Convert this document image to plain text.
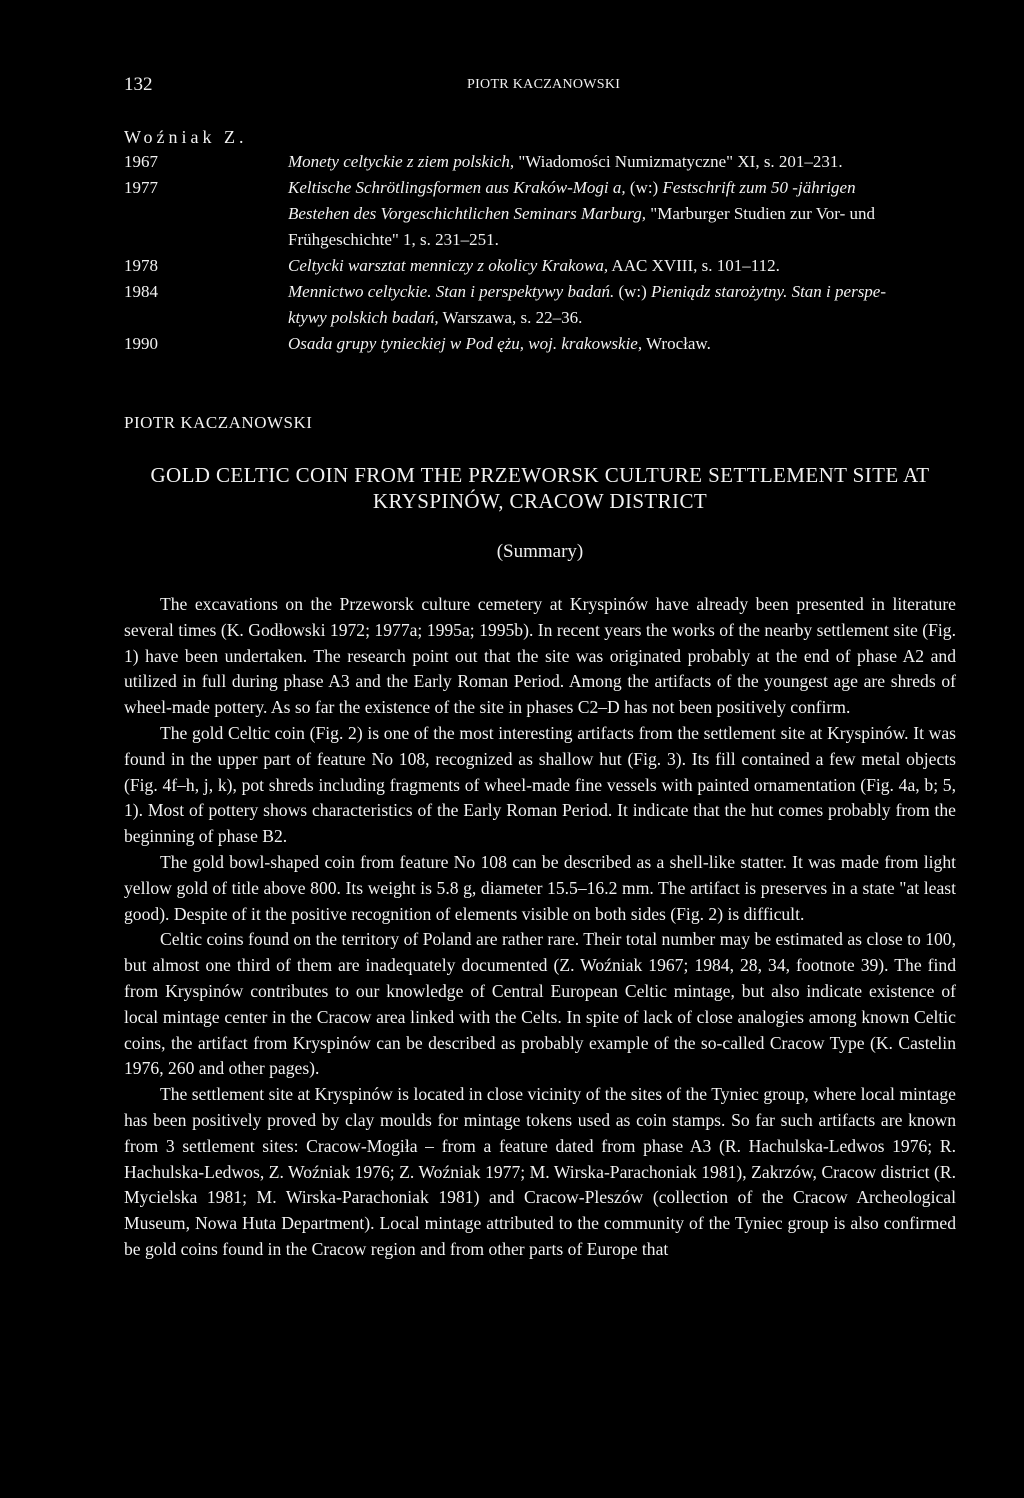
132	PIOTR KACZANOWSKI
Woźniak Z.
1967	Monety celtyckie z ziem polskich, "Wiadomości Numizmatyczne" XI, s. 201–231.
1977	Keltische Schrötlingsformen aus Kraków-Mogi a, (w:) Festschrift zum 50 -jährigen
Bestehen des Vorgeschichtlichen Seminars Marburg, "Marburger Studien zur Vor- und
Frühgeschichte" 1, s. 231–251.
1978	Celtycki warsztat menniczy z okolicy Krakowa, AAC XVIII, s. 101–112.
1984	Mennictwo celtyckie. Stan i perspektywy badań. (w:) Pieniądz starożytny. Stan i perspe-
ktywy polskich badań, Warszawa, s. 22–36.
1990	Osada grupy tynieckiej w Pod ężu, woj. krakowskie, Wrocław.
PIOTR KACZANOWSKI
GOLD CELTIC COIN FROM THE PRZEWORSK CULTURE SETTLEMENT SITE AT
KRYSPINÓW, CRACOW DISTRICT
(Summary)

The excavations on the Przeworsk culture cemetery at Kryspinów have already been presented in literature several times (K. Godłowski 1972; 1977a; 1995a; 1995b). In recent years the works of the nearby settlement site (Fig. 1) have been undertaken. The research point out that the site was originated probably at the end of phase A2 and utilized in full during phase A3 and the Early Roman Period. Among the artifacts of the youngest age are shreds of wheel-made pottery. As so far the existence of the site in phases C2–D has not been positively confirm.

The gold Celtic coin (Fig. 2) is one of the most interesting artifacts from the settlement site at Kryspinów. It was found in the upper part of feature No 108, recognized as shallow hut (Fig. 3). Its fill contained a few metal objects (Fig. 4f–h, j, k), pot shreds including fragments of wheel-made fine vessels with painted ornamentation (Fig. 4a, b; 5, 1). Most of pottery shows characteristics of the Early Roman Period. It indicate that the hut comes probably from the beginning of phase B2.

The gold bowl-shaped coin from feature No 108 can be described as a shell-like statter. It was made from light yellow gold of title above 800. Its weight is 5.8 g, diameter 15.5–16.2 mm. The artifact is preserves in a state "at least good). Despite of it the positive recognition of elements visible on both sides (Fig. 2) is difficult.

Celtic coins found on the territory of Poland are rather rare. Their total number may be estimated as close to 100, but almost one third of them are inadequately documented (Z. Woźniak 1967; 1984, 28, 34, footnote 39). The find from Kryspinów contributes to our knowledge of Central European Celtic mintage, but also indicate existence of local mintage center in the Cracow area linked with the Celts. In spite of lack of close analogies among known Celtic coins, the artifact from Kryspinów can be described as probably example of the so-called Cracow Type (K. Castelin 1976, 260 and other pages).

The settlement site at Kryspinów is located in close vicinity of the sites of the Tyniec group, where local mintage has been positively proved by clay moulds for mintage tokens used as coin stamps. So far such artifacts are known from 3 settlement sites: Cracow-Mogiła – from a feature dated from phase A3 (R. Hachulska-Ledwos 1976; R. Hachulska-Ledwos, Z. Woźniak 1976; Z. Woźniak 1977; M. Wirska-Parachoniak 1981), Zakrzów, Cracow district (R. Mycielska 1981; M. Wirska-Parachoniak 1981) and Cracow-Pleszów (collection of the Cracow Archeological Museum, Nowa Huta Department). Local mintage attributed to the community of the Tyniec group is also confirmed be gold coins found in the Cracow region and from other parts of Europe that
